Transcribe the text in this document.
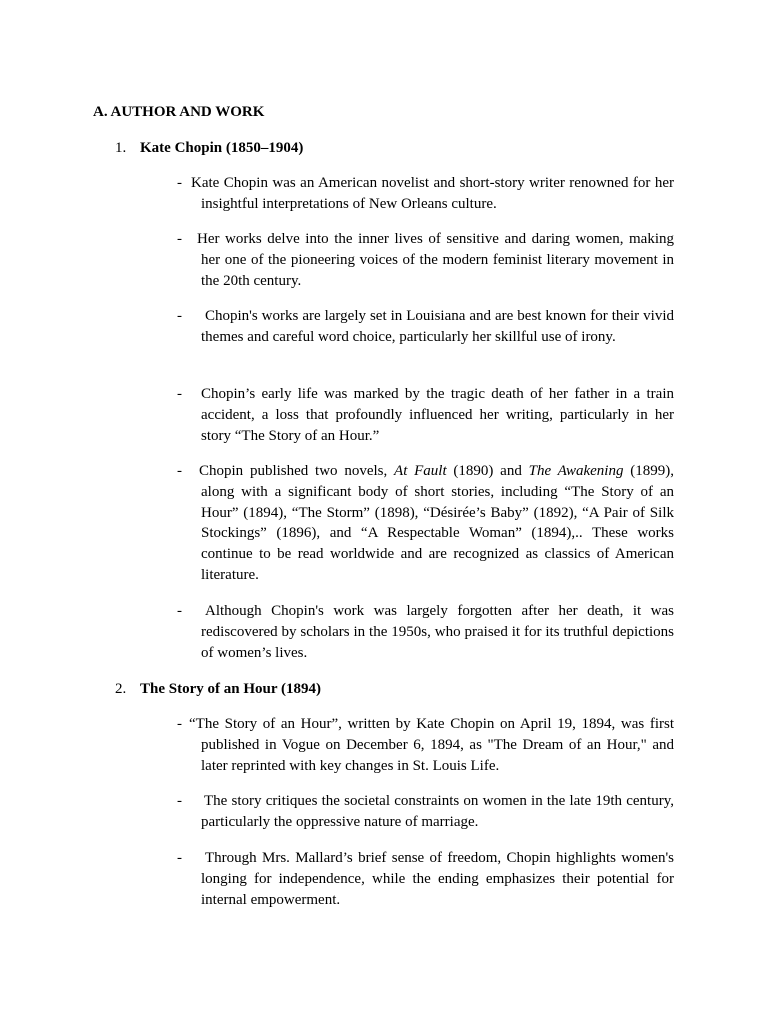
A. AUTHOR AND WORK
1. Kate Chopin (1850–1904)
- Kate Chopin was an American novelist and short-story writer renowned for her insightful interpretations of New Orleans culture.
-	Her works delve into the inner lives of sensitive and daring women, making her one of the pioneering voices of the modern feminist literary movement in the 20th century.
-	Chopin's works are largely set in Louisiana and are best known for their vivid themes and careful word choice, particularly her skillful use of irony.
-	Chopin’s early life was marked by the tragic death of her father in a train accident, a loss that profoundly influenced her writing, particularly in her story “The Story of an Hour.”
-	Chopin published two novels, At Fault (1890) and The Awakening (1899), along with a significant body of short stories, including “The Story of an Hour” (1894), “The Storm” (1898), “Désirée’s Baby” (1892), “A Pair of Silk Stockings” (1896), and “A Respectable Woman” (1894),.. These works continue to be read worldwide and are recognized as classics of American literature.
-	Although Chopin's work was largely forgotten after her death, it was rediscovered by scholars in the 1950s, who praised it for its truthful depictions of women’s lives.
2. The Story of an Hour (1894)
- “The Story of an Hour”, written by Kate Chopin on April 19, 1894, was first published in Vogue on December 6, 1894, as "The Dream of an Hour," and later reprinted with key changes in St. Louis Life.
-	The story critiques the societal constraints on women in the late 19th century, particularly the oppressive nature of marriage.
-	Through Mrs. Mallard’s brief sense of freedom, Chopin highlights women's longing for independence, while the ending emphasizes their potential for internal empowerment.
